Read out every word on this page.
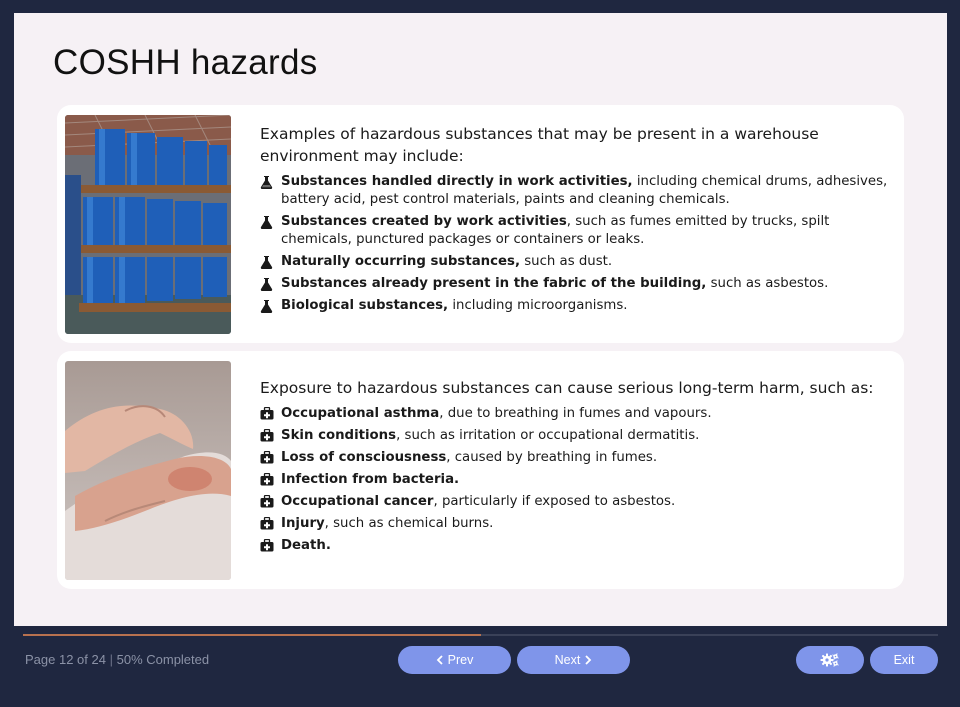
COSHH hazards

Examples of hazardous substances that may be present in a warehouse environment may include:

Substances handled directly in work activities, including chemical drums, adhesives, battery acid, pest control materials, paints and cleaning chemicals.
Substances created by work activities, such as fumes emitted by trucks, spilt chemicals, punctured packages or containers or leaks.
Naturally occurring substances, such as dust.
Substances already present in the fabric of the building, such as asbestos.
Biological substances, including microorganisms.

Exposure to hazardous substances can cause serious long-term harm, such as:

Occupational asthma, due to breathing in fumes and vapours.
Skin conditions, such as irritation or occupational dermatitis.
Loss of consciousness, caused by breathing in fumes.
Infection from bacteria.
Occupational cancer, particularly if exposed to asbestos.
Injury, such as chemical burns.
Death.
Page 12 of 24 | 50% Completed	Prev	Next	Exit
